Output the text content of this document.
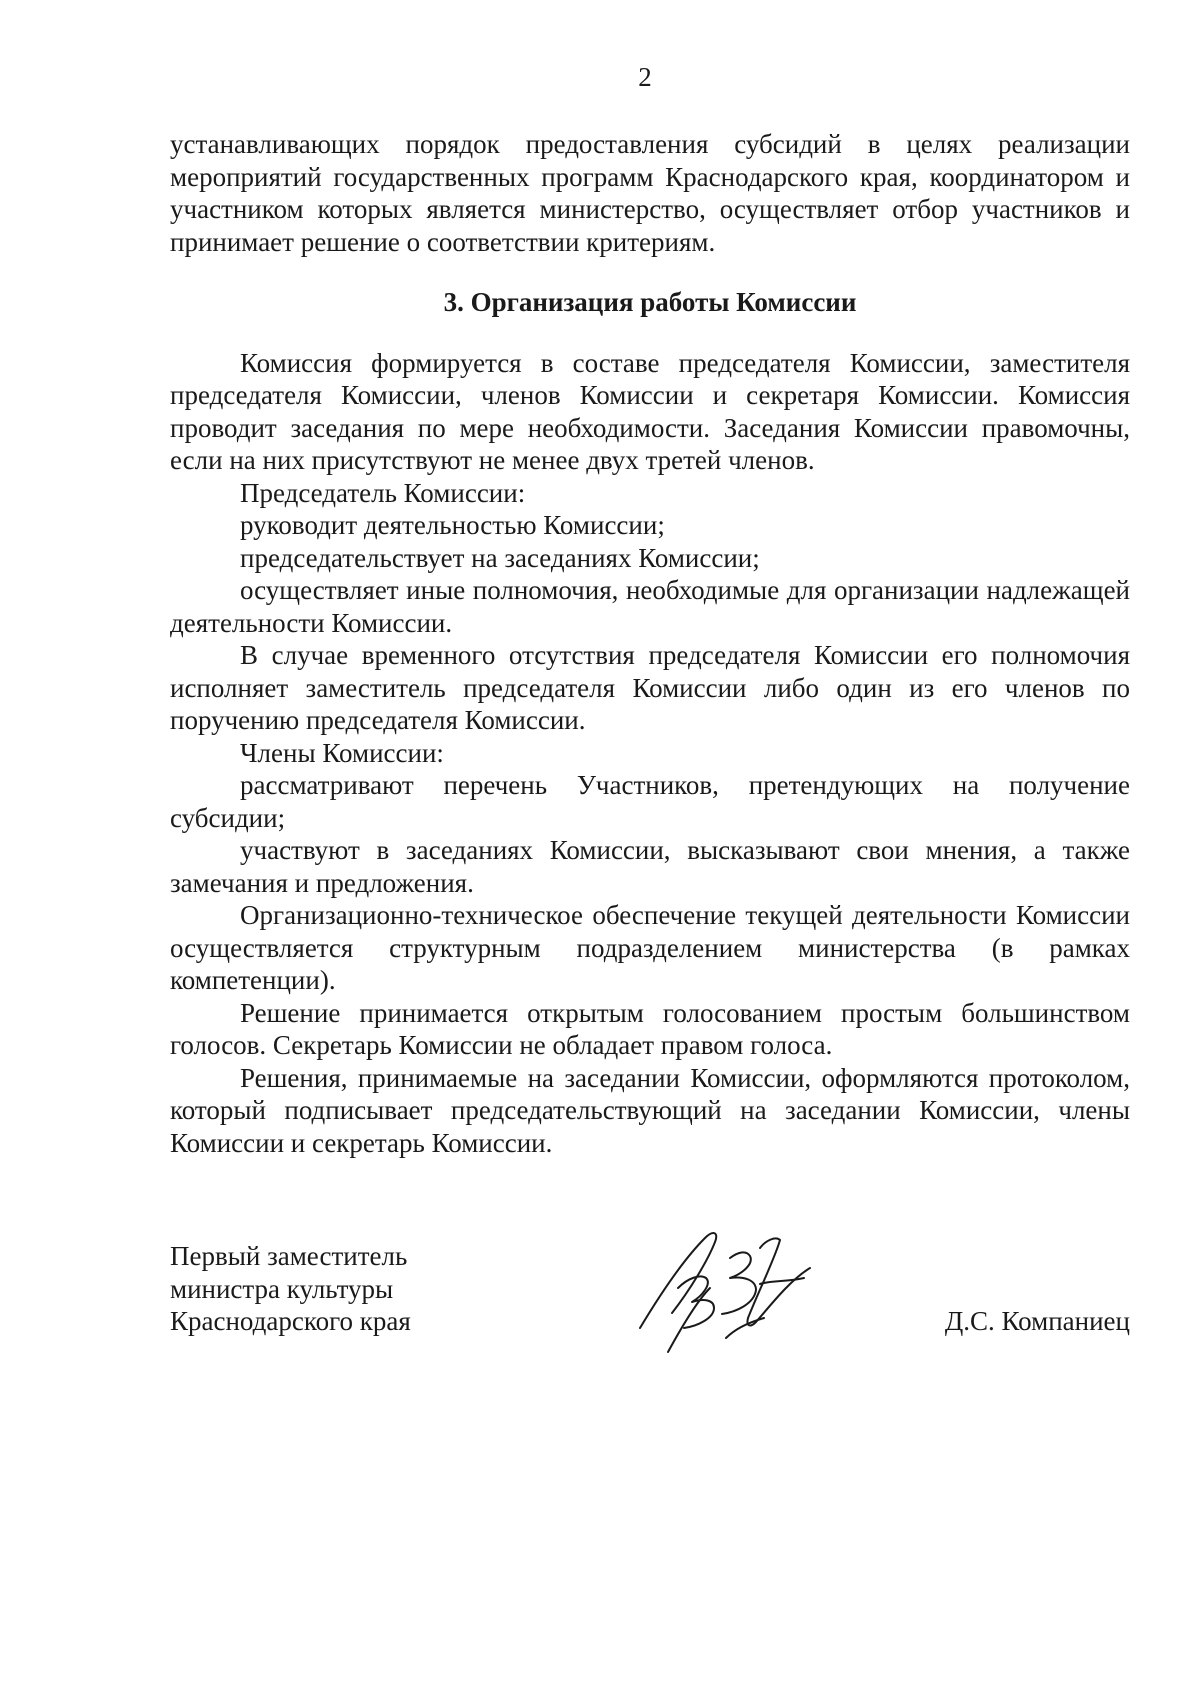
2

устанавливающих порядок предоставления субсидий в целях реализации мероприятий государственных программ Краснодарского края, координатором и участником которых является министерство, осуществляет отбор участников и принимает решение о соответствии критериям.

3. Организация работы Комиссии

Комиссия формируется в составе председателя Комиссии, заместителя председателя Комиссии, членов Комиссии и секретаря Комиссии. Комиссия проводит заседания по мере необходимости. Заседания Комиссии правомочны, если на них присутствуют не менее двух третей членов.

Председатель Комиссии:

руководит деятельностью Комиссии;

председательствует на заседаниях Комиссии;

осуществляет иные полномочия, необходимые для организации надлежащей деятельности Комиссии.

В случае временного отсутствия председателя Комиссии его полномочия исполняет заместитель председателя Комиссии либо один из его членов по поручению председателя Комиссии.

Члены Комиссии:

рассматривают перечень Участников, претендующих на получение субсидии;

участвуют в заседаниях Комиссии, высказывают свои мнения, а также замечания и предложения.

Организационно-техническое обеспечение текущей деятельности Комиссии осуществляется структурным подразделением министерства (в рамках компетенции).

Решение принимается открытым голосованием простым большинством голосов. Секретарь Комиссии не обладает правом голоса.

Решения, принимаемые на заседании Комиссии, оформляются протоколом, который подписывает председательствующий на заседании Комиссии, члены Комиссии и секретарь Комиссии.

Первый заместитель
министра культуры
Краснодарского края	Д.С. Компаниец
